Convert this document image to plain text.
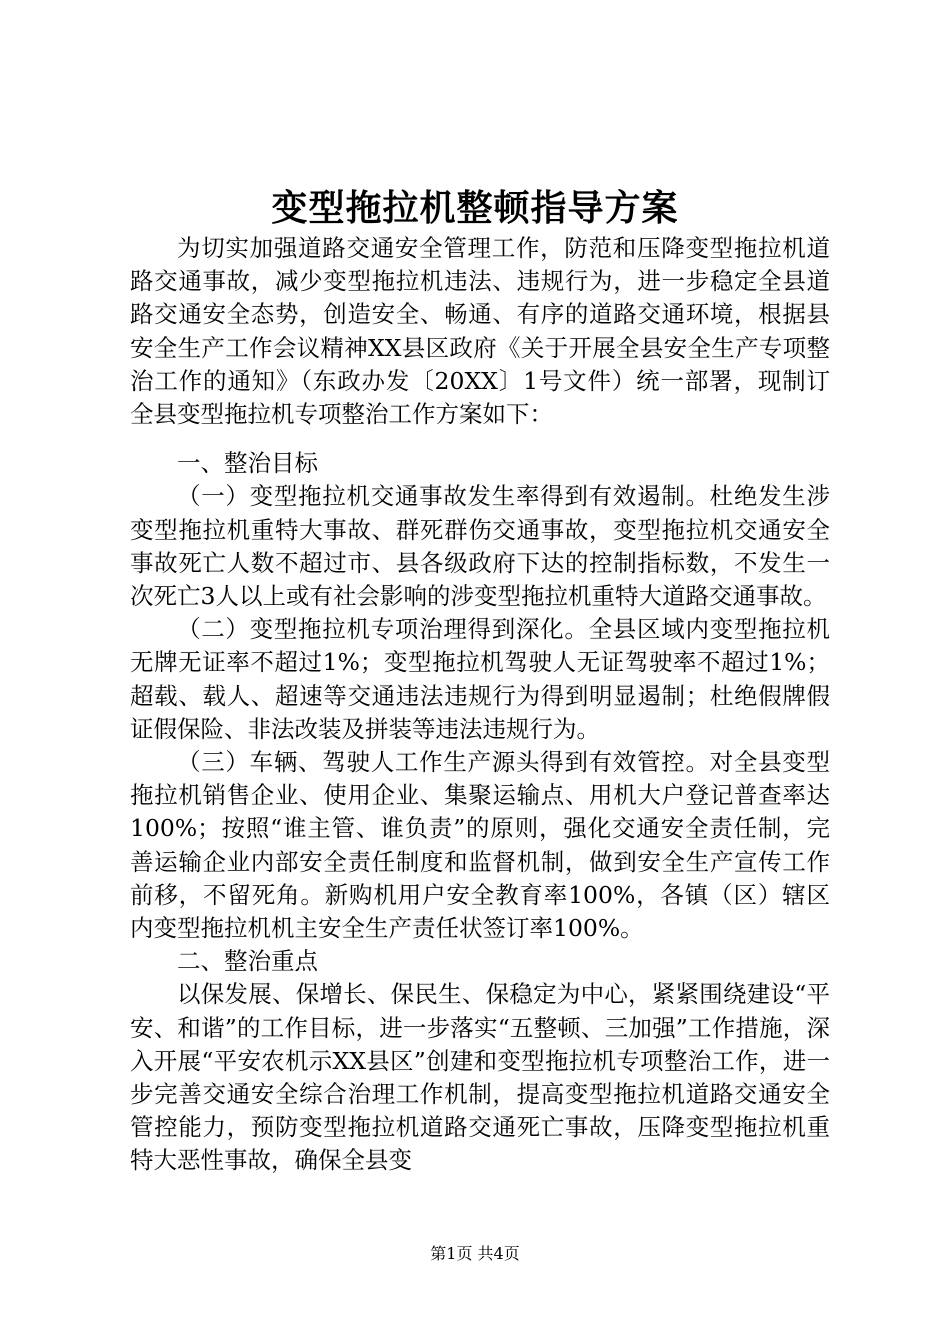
变型拖拉机整顿指导方案

为切实加强道路交通安全管理工作，防范和压降变型拖拉机道路交通事故，减少变型拖拉机违法、违规行为，进一步稳定全县道路交通安全态势，创造安全、畅通、有序的道路交通环境，根据县安全生产工作会议精神XX县区政府《关于开展全县安全生产专项整治工作的通知》（东政办发〔20XX〕1号文件）统一部署，现制订全县变型拖拉机专项整治工作方案如下：

一、整治目标

（一）变型拖拉机交通事故发生率得到有效遏制。杜绝发生涉变型拖拉机重特大事故、群死群伤交通事故，变型拖拉机交通安全事故死亡人数不超过市、县各级政府下达的控制指标数，不发生一次死亡3人以上或有社会影响的涉变型拖拉机重特大道路交通事故。

（二）变型拖拉机专项治理得到深化。全县区域内变型拖拉机无牌无证率不超过1%；变型拖拉机驾驶人无证驾驶率不超过1%；超载、载人、超速等交通违法违规行为得到明显遏制；杜绝假牌假证假保险、非法改装及拼装等违法违规行为。

（三）车辆、驾驶人工作生产源头得到有效管控。对全县变型拖拉机销售企业、使用企业、集聚运输点、用机大户登记普查率达100%；按照“谁主管、谁负责”的原则，强化交通安全责任制，完善运输企业内部安全责任制度和监督机制，做到安全生产宣传工作前移，不留死角。新购机用户安全教育率100%，各镇（区）辖区内变型拖拉机机主安全生产责任状签订率100%。

二、整治重点

以保发展、保增长、保民生、保稳定为中心，紧紧围绕建设“平安、和谐”的工作目标，进一步落实“五整顿、三加强”工作措施，深入开展“平安农机示XX县区”创建和变型拖拉机专项整治工作，进一步完善交通安全综合治理工作机制，提高变型拖拉机道路交通安全管控能力，预防变型拖拉机道路交通死亡事故，压降变型拖拉机重特大恶性事故，确保全县变

第1页 共4页
